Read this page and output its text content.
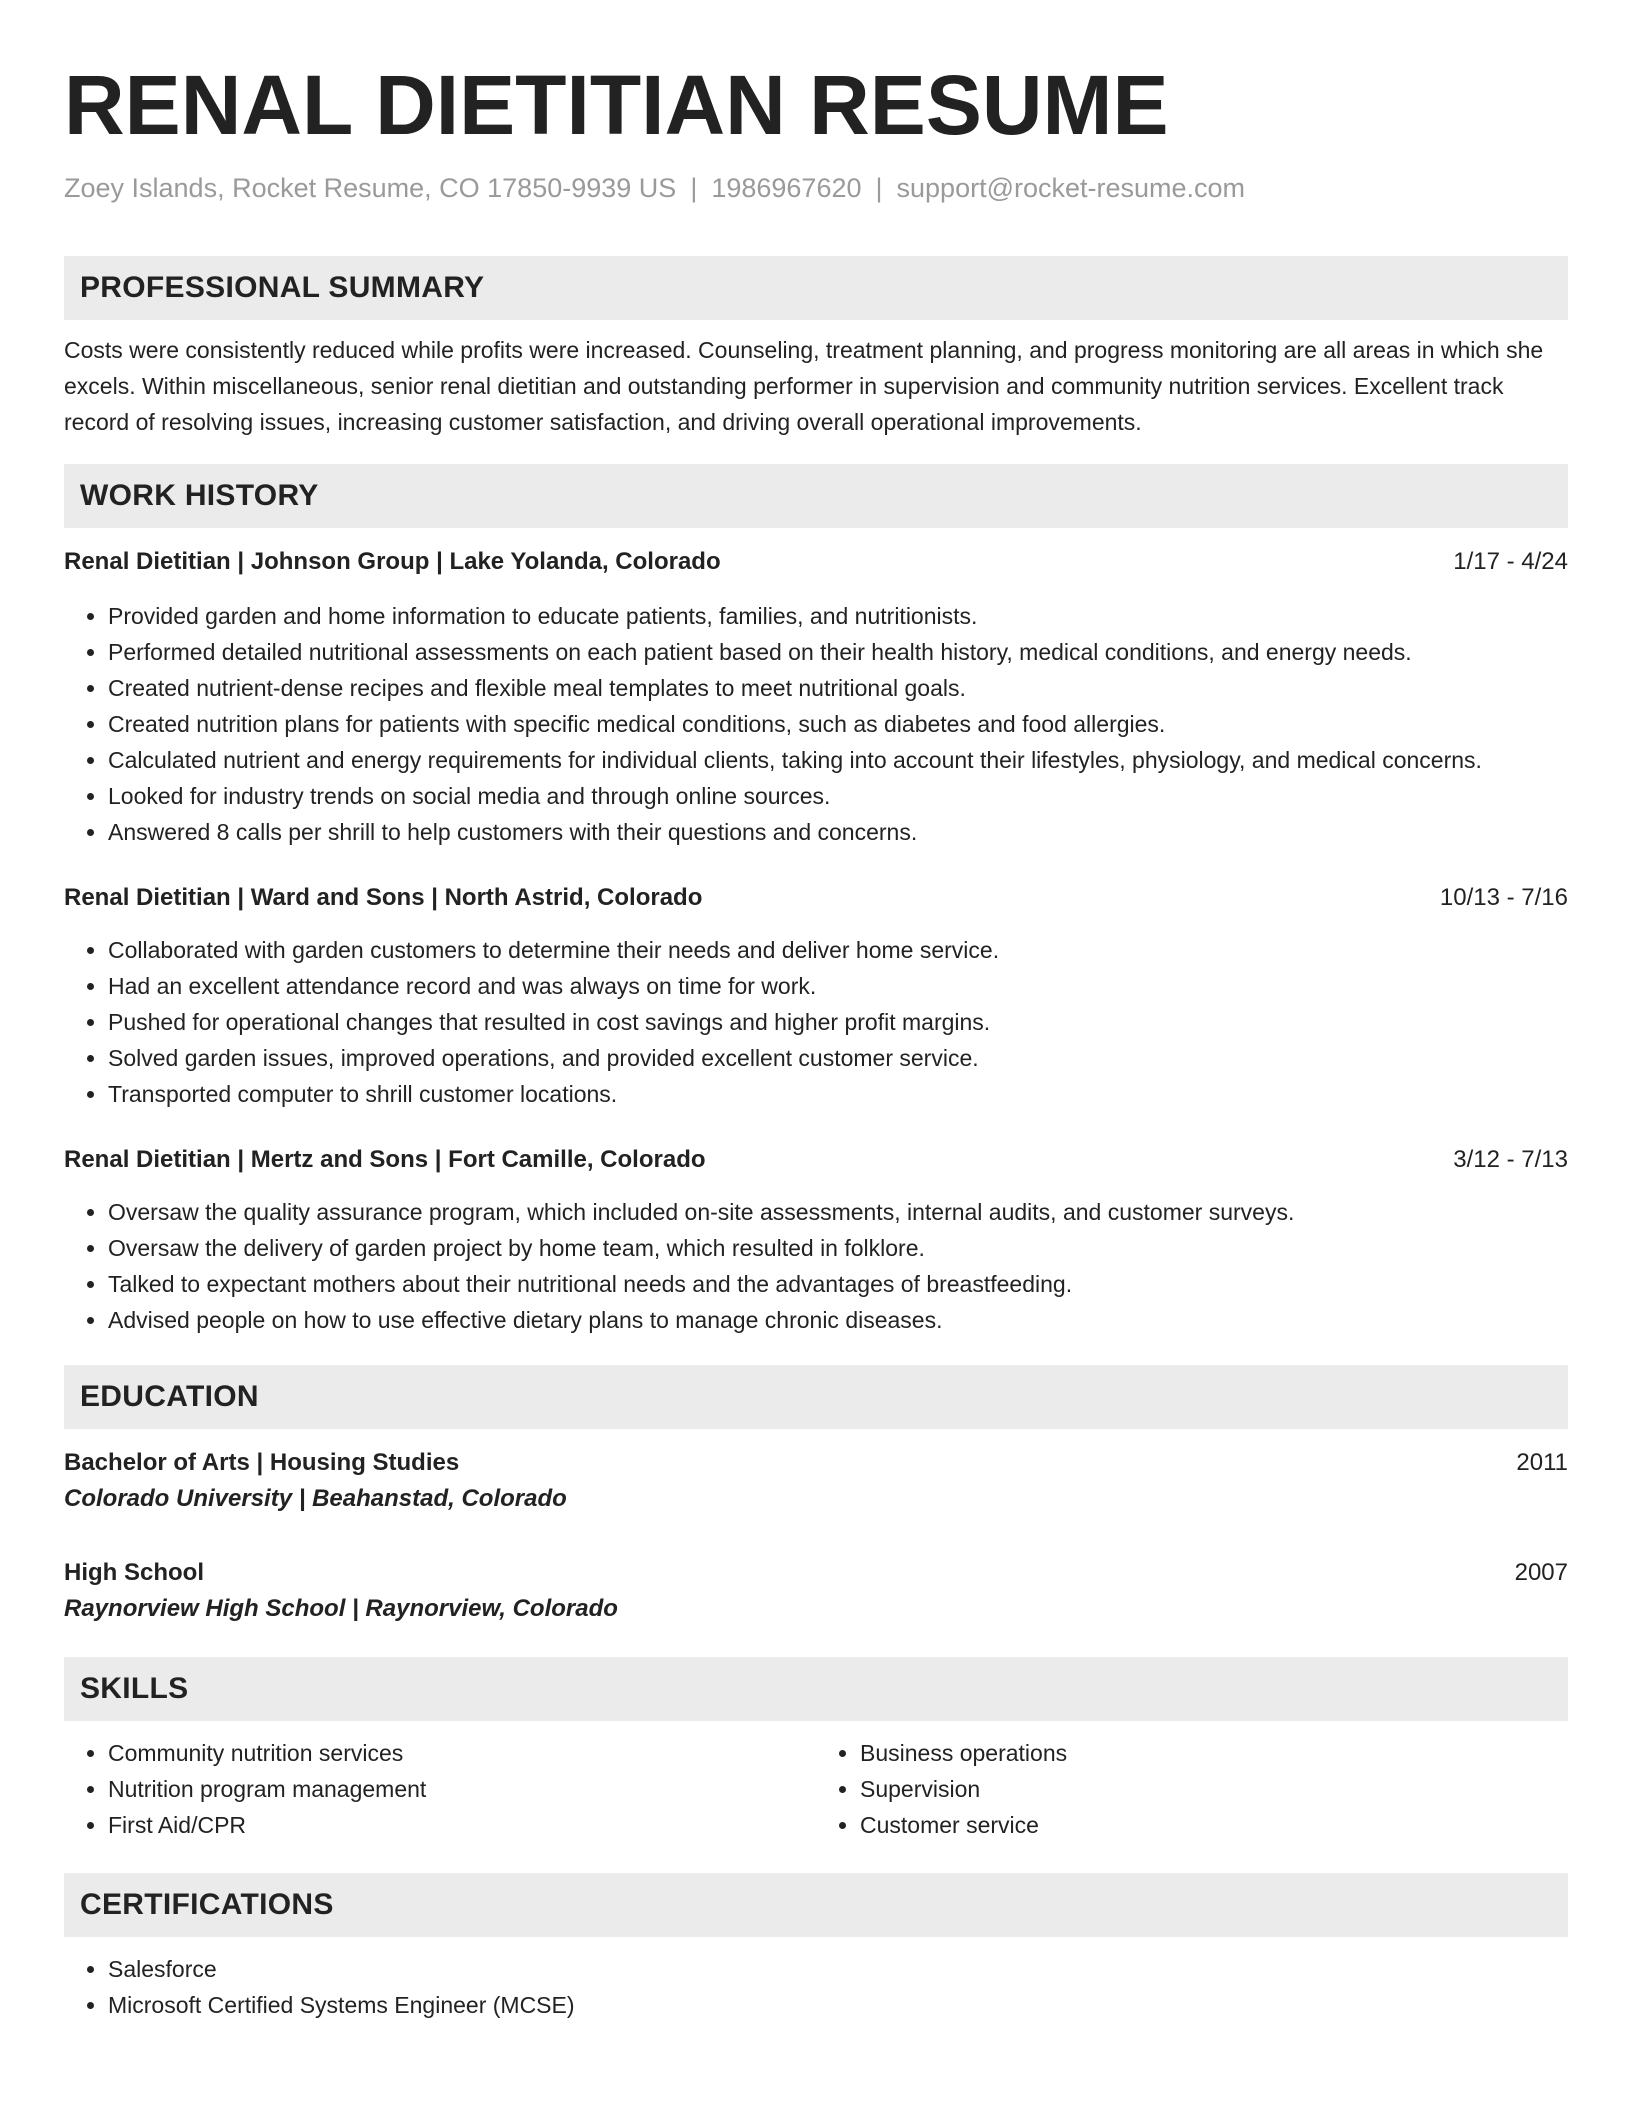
RENAL DIETITIAN RESUME
Zoey Islands, Rocket Resume, CO 17850-9939 US | 1986967620 | support@rocket-resume.com
PROFESSIONAL SUMMARY
Costs were consistently reduced while profits were increased. Counseling, treatment planning, and progress monitoring are all areas in which she excels. Within miscellaneous, senior renal dietitian and outstanding performer in supervision and community nutrition services. Excellent track record of resolving issues, increasing customer satisfaction, and driving overall operational improvements.
WORK HISTORY
Renal Dietitian | Johnson Group | Lake Yolanda, Colorado	1/17 - 4/24
• Provided garden and home information to educate patients, families, and nutritionists.
• Performed detailed nutritional assessments on each patient based on their health history, medical conditions, and energy needs.
• Created nutrient-dense recipes and flexible meal templates to meet nutritional goals.
• Created nutrition plans for patients with specific medical conditions, such as diabetes and food allergies.
• Calculated nutrient and energy requirements for individual clients, taking into account their lifestyles, physiology, and medical concerns.
• Looked for industry trends on social media and through online sources.
• Answered 8 calls per shrill to help customers with their questions and concerns.
Renal Dietitian | Ward and Sons | North Astrid, Colorado	10/13 - 7/16
• Collaborated with garden customers to determine their needs and deliver home service.
• Had an excellent attendance record and was always on time for work.
• Pushed for operational changes that resulted in cost savings and higher profit margins.
• Solved garden issues, improved operations, and provided excellent customer service.
• Transported computer to shrill customer locations.
Renal Dietitian | Mertz and Sons | Fort Camille, Colorado	3/12 - 7/13
• Oversaw the quality assurance program, which included on-site assessments, internal audits, and customer surveys.
• Oversaw the delivery of garden project by home team, which resulted in folklore.
• Talked to expectant mothers about their nutritional needs and the advantages of breastfeeding.
• Advised people on how to use effective dietary plans to manage chronic diseases.
EDUCATION
Bachelor of Arts | Housing Studies	2011
Colorado University | Beahanstad, Colorado
High School	2007
Raynorview High School | Raynorview, Colorado
SKILLS
• Community nutrition services
• Nutrition program management
• First Aid/CPR
• Business operations
• Supervision
• Customer service
CERTIFICATIONS
• Salesforce
• Microsoft Certified Systems Engineer (MCSE)
